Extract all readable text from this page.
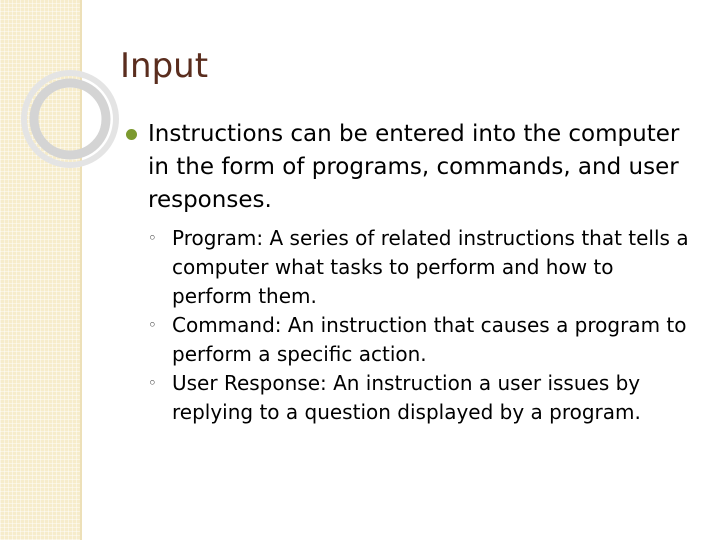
Input
Instructions can be entered into the computer in the form of programs, commands, and user responses.
◦ Program: A series of related instructions that tells a computer what tasks to perform and how to perform them.
◦ Command: An instruction that causes a program to perform a specific action.
◦ User Response: An instruction a user issues by replying to a question displayed by a program.
